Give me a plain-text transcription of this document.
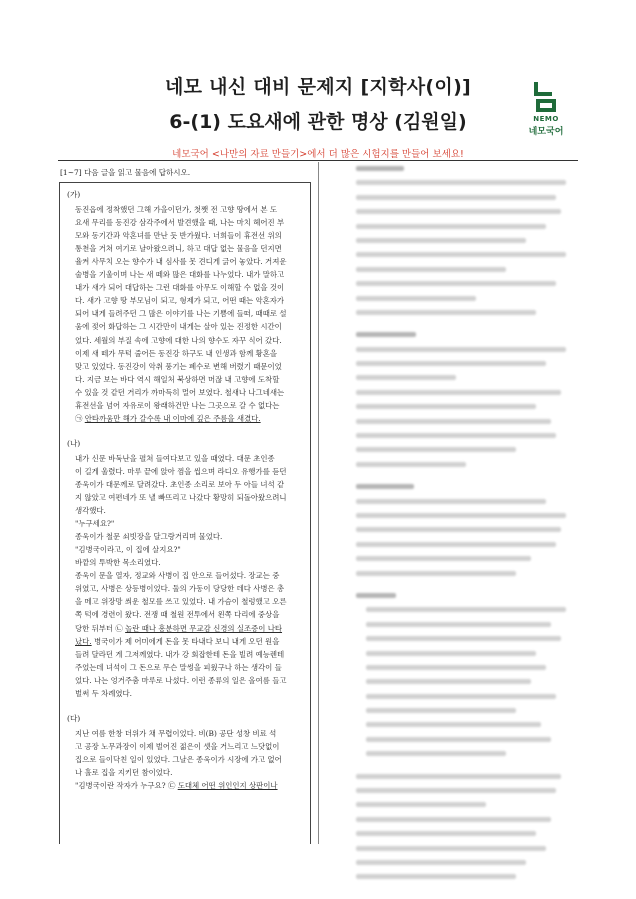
네모 내신 대비 문제지 [지학사(이)]
6-(1) 도요새에 관한 명상 (김원일)
네모국어 <나만의 자료 만들기>에서 더 많은 시험지를 만들어 보세요!
NEMO
네모국어
[1~7] 다음 글을 읽고 물음에 답하시오.
(가)
동진읍에 정착했던 그해 가을이던가, 첫쨋 전 고향 땅에서 본 도
요새 무리를 동진강 삼각주에서 발견했을 때, 나는 마치 헤어진 부
모와 동기간과 악혼녀를 만난 듯 반가웠다. 너희들이 휴전선 위의
통천을 거쳐 여기로 날아왔으려니, 하고 대답 없는 물음을 던지면
율켜 사무치 오는 향수가 내 심사를 못 견디게 긁어 놓았다. 거져운
술병을 기울이며 나는 새 떼와 많은 대화를 나누었다. 내가 말하고
내가 새가 되어 대답하는 그런 대화를 아무도 이해할 수 없을 것이
다. 새가 고향 땅 부모님이 되고, 형제가 되고, 어떤 때는 악혼자가
되어 내게 들려주던 그 많은 이야기를 나는 기쁨에 들떠, 때때로 설
움에 젖어 화답하는 그 시간만이 내게는 살아 있는 진정한 시간이
었다. 세월의 부질 속에 고향에 대한 나의 향수도 자꾸 식어 갔다.
이제 새 떼가 무턱 줄어든 동진강 하구도 내 인생과 함께 황혼을
맞고 있었다. 동진강이 악취 풍기는 폐수로 변해 버렸기 때문이었
다. 지금 보는 바다 역시 해일처 북상하면 머잖 내 고향에 도착할
수 있을 것 같던 거리가 까마득히 멀어 보였다. 철새나 나그네새는
휴전선을 넘어 자유로이 왕래하건만 나는 그곳으로 갈 수 없다는
㉠ 안타까움만 해가 갈수록 내 이마에 깊은 주름을 새겼다.
(나)
내가 신문 바둑난을 펼쳐 들여다보고 있을 때였다. 대문 초인종
이 길게 울렸다. 마루 끝에 앉아 껌을 씹으며 라디오 유행가를 듣던
종욱이가 대문께로 달려갔다. 초인종 소리로 보아 두 아들 녀석 같
지 않았고 여편네가 또 낼 빠뜨리고 나갔다 황망히 되돌아왔으려니
생각했다.
"누구세요?"
종욱이가 철문 쇠빗장을 달그랑거리며 물었다.
"김병국이라고, 이 집에 살지요?"
바깥의 투박한 목소리였다.
종욱이 문을 열자, 정교와 사병이 집 안으로 들어섰다. 장교는 중
위였고, 사병은 상등병이었다. 둘의 가동이 당당한 데다 사병은 총
을 메고 위장망 씌운 철모를 쓰고 있었다. 내 가슴이 철렁했고 오른
쪽 턱에 경련이 왔다. 전쟁 때 철원 전투에서 왼쪽 다리에 중상을
당한 뒤부터 ㉡ 놀란 때나 흥분하면 무교감 신경의 실조증이 나타
났다. 병국이가 제 어미에게 돈을 못 타내다 보니 내게 오던 원을
들려 달라던 게 그저께였다. 내가 강 회잡한테 돈을 빌려 예능렌테
주었는데 녀석이 그 돈으로 무슨 말썽을 피웠구나 하는 생각이 들
었다. 나는 엉거주춤 마루로 나섰다. 이런 종류의 일은 올여름 들고
벌써 두 차례였다.
(다)
지난 여름 한창 더위가 채 무렵이었다. 비(B) 공단 성창 비료 석
고 공장 노무과장이 이제 벌어진 젊은이 셋을 거느리고 느닷없이
집으로 들이닥친 일이 있었다. 그날은 종욱이가 시장에 가고 없어
나 홀로 집을 지키던 참이었다.
"김병국이란 작자가 누구요? ㉢ 도대체 어떤 위인인지 상판이나
